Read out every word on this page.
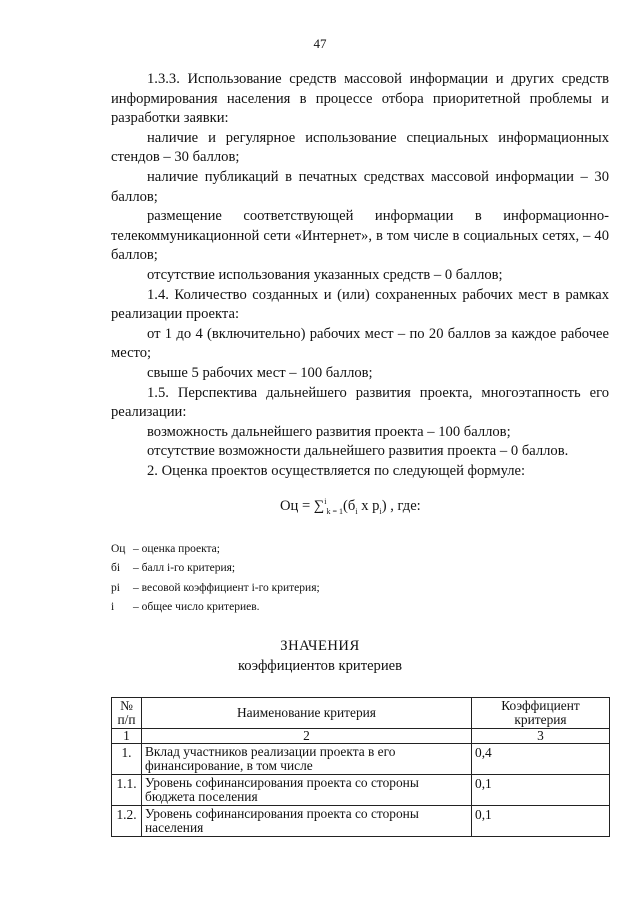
47

1.3.3. Использование средств массовой информации и других средств информирования населения в процессе отбора приоритетной проблемы и разработки заявки:

наличие и регулярное использование специальных информационных стендов – 30 баллов;

наличие публикаций в печатных средствах массовой информации – 30 баллов;

размещение соответствующей информации в информационно-телекоммуникационной сети «Интернет», в том числе в социальных сетях, – 40 баллов;

отсутствие использования указанных средств – 0 баллов;

1.4. Количество созданных и (или) сохраненных рабочих мест в рамках реализации проекта:

от 1 до 4 (включительно) рабочих мест – по 20 баллов за каждое рабочее место;

свыше 5 рабочих мест – 100 баллов;

1.5. Перспектива дальнейшего развития проекта, многоэтапность его реализации:

возможность дальнейшего развития проекта – 100 баллов;

отсутствие возможности дальнейшего развития проекта – 0 баллов.

2. Оценка проектов осуществляется по следующей формуле:

Оц = $\sum^i_{k = 1}(б_i$ x $p_i$) , где:
Оц – оценка проекта;
бi	– балл i-го критерия;
pi	– весовой коэффициент i-го критерия;
i	– общее число критериев.
ЗНАЧЕНИЯ
коэффициентов критериев
№ п/п	Наименование критерия	Коэффициент критерия
1	2	3
1.	Вклад участников реализации проекта в его финансирование, в том числе	0,4
1.1.	Уровень софинансирования проекта со стороны бюджета поселения	0,1
1.2.	Уровень софинансирования проекта со стороны населения	0,1
